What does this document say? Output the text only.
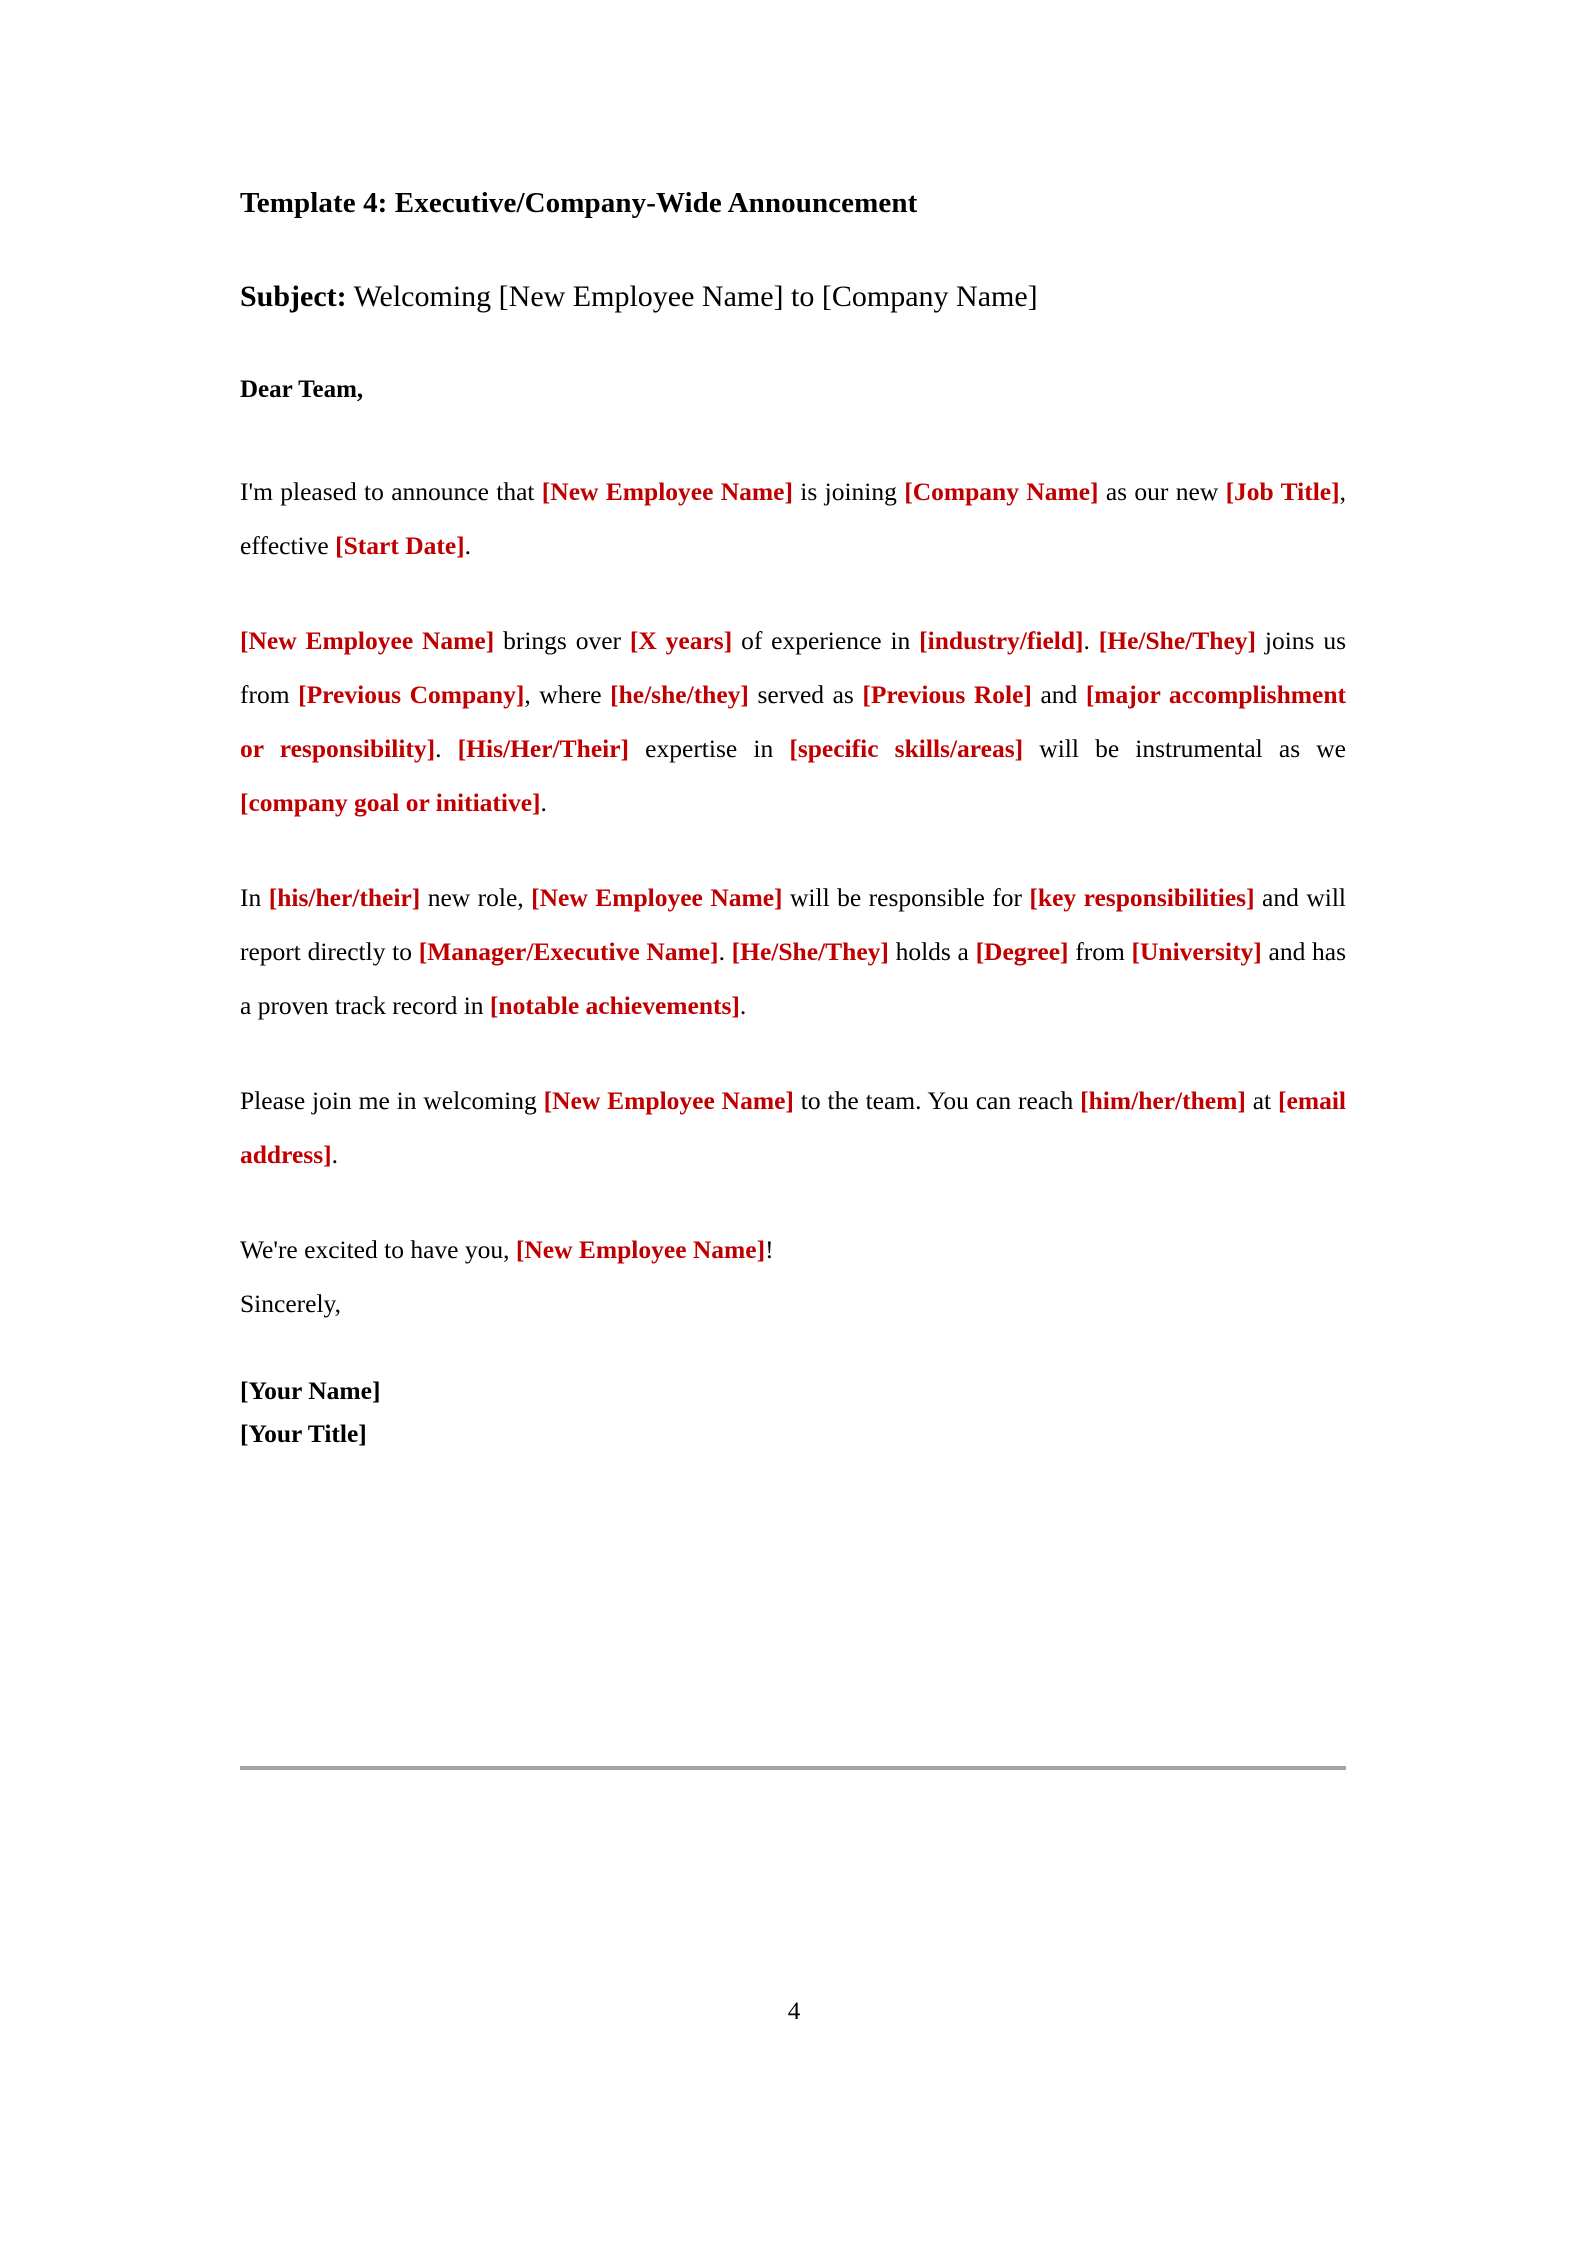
Template 4: Executive/Company-Wide Announcement
Subject: Welcoming [New Employee Name] to [Company Name]
Dear Team,

I'm pleased to announce that [New Employee Name] is joining [Company Name] as our new [Job Title], effective [Start Date].

[New Employee Name] brings over [X years] of experience in [industry/field]. [He/She/They] joins us from [Previous Company], where [he/she/they] served as [Previous Role] and [major accomplishment or responsibility]. [His/Her/Their] expertise in [specific skills/areas] will be instrumental as we [company goal or initiative].

In [his/her/their] new role, [New Employee Name] will be responsible for [key responsibilities] and will report directly to [Manager/Executive Name]. [He/She/They] holds a [Degree] from [University] and has a proven track record in [notable achievements].

Please join me in welcoming [New Employee Name] to the team. You can reach [him/her/them] at [email address].

We're excited to have you, [New Employee Name]!

Sincerely,
[Your Name]
[Your Title]
4
